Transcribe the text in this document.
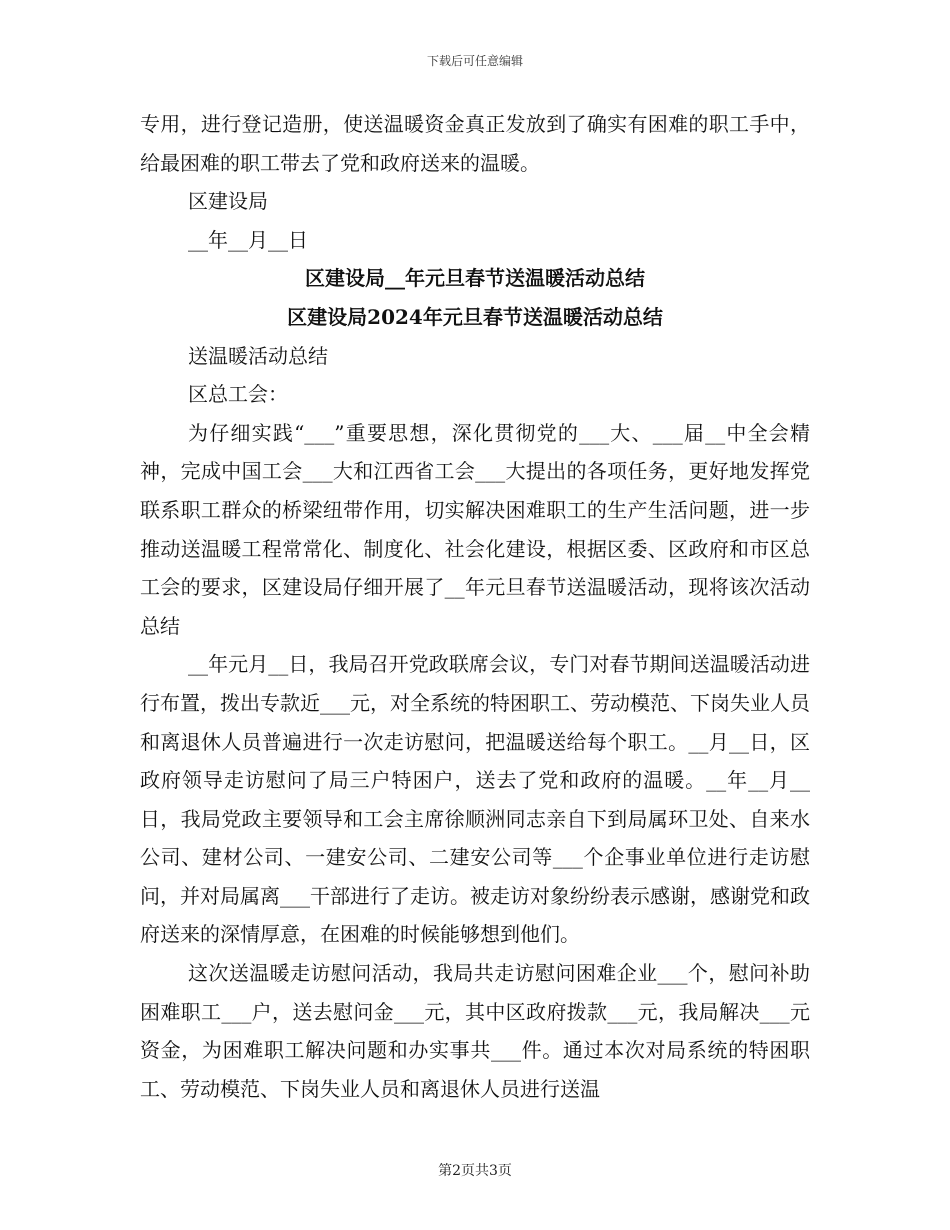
下载后可任意编辑

专用，进行登记造册，使送温暖资金真正发放到了确实有困难的职工手中，给最困难的职工带去了党和政府送来的温暖。

区建设局

__年__月__日

区建设局__年元旦春节送温暖活动总结

区建设局2024年元旦春节送温暖活动总结

送温暖活动总结

区总工会：

为仔细实践“___”重要思想，深化贯彻党的___大、___届__中全会精神，完成中国工会___大和江西省工会___大提出的各项任务，更好地发挥党联系职工群众的桥梁纽带作用，切实解决困难职工的生产生活问题，进一步推动送温暖工程常常化、制度化、社会化建设，根据区委、区政府和市区总工会的要求，区建设局仔细开展了__年元旦春节送温暖活动，现将该次活动总结

__年元月__日，我局召开党政联席会议，专门对春节期间送温暖活动进行布置，拨出专款近___元，对全系统的特困职工、劳动模范、下岗失业人员和离退休人员普遍进行一次走访慰问，把温暖送给每个职工。__月__日，区政府领导走访慰问了局三户特困户，送去了党和政府的温暖。__年__月__日，我局党政主要领导和工会主席徐顺洲同志亲自下到局属环卫处、自来水公司、建材公司、一建安公司、二建安公司等___个企事业单位进行走访慰问，并对局属离___干部进行了走访。被走访对象纷纷表示感谢，感谢党和政府送来的深情厚意，在困难的时候能够想到他们。

这次送温暖走访慰问活动，我局共走访慰问困难企业___个，慰问补助困难职工___户，送去慰问金___元，其中区政府拨款___元，我局解决___元资金，为困难职工解决问题和办实事共___件。通过本次对局系统的特困职工、劳动模范、下岗失业人员和离退休人员进行送温

第2页共3页
